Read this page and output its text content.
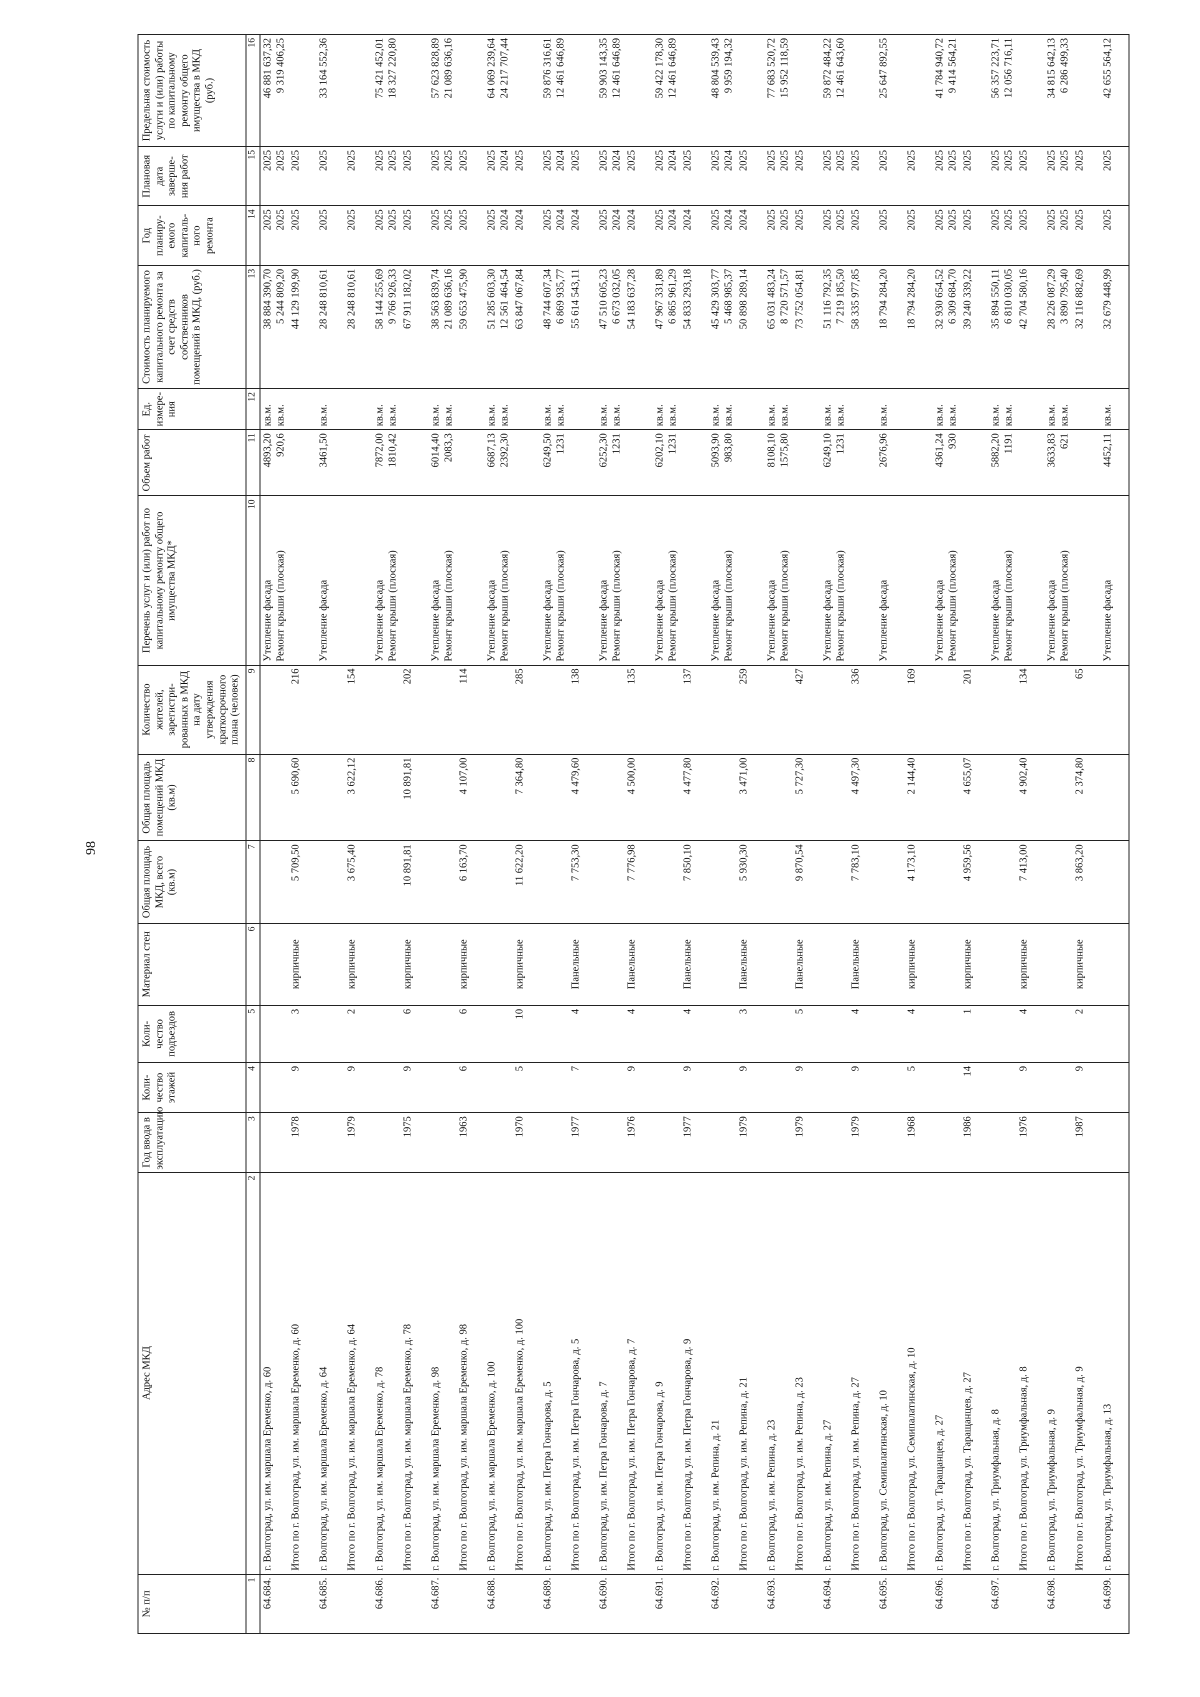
98
№ п/п	Адрес МКД	Год ввода в эксплуатацию	Коли-чество этажей	Коли-чество подъездов	Материал стен	Общая площадь МКД, всего (кв.м)	Общая площадь помещений МКД (кв.м)	Количество жителей, зарегистри-рованных в МКД на дату утверждения краткосрочного плана (человек)	Перечень услуг и (или) работ по капитальному ремонту общего имущества МКД*	Объем работ	Ед. измере-ния	Стоимость планируемого капитального ремонта за счет средств собственников помещений в МКД, (руб.)	Год планиру-емого капиталь-ного ремонта	Плановая дата заверше-ния работ	Предельная стоимость услуги и (или) работы по капитальному ремонту общего имущества в МКД (руб.)
1	2	3	4	5	6	7	8	9	10	11	12	13	14	15	16
64.684.	г. Волгоград, ул. им. маршала Еременко, д. 60								Утепление фасада Ремонт крыши (плоская)	4893,20 920,6	кв.м. кв.м.	38 884 390,70 5 244 809,20	2025 2025	2025 2025	46 881 637,32 9 319 406,25
	Итого по г. Волгоград, ул. им. маршала Еременко, д. 60	1978	9	3	кирпичные	5 709,50	5 690,60	216				44 129 199,90	2025	2025	
64.685.	г. Волгоград, ул. им. маршала Еременко, д. 64								Утепление фасада	3461,50	кв.м.	28 248 810,61	2025	2025	33 164 552,36
	Итого по г. Волгоград, ул. им. маршала Еременко, д. 64	1979	9	2	кирпичные	3 675,40	3 622,12	154				28 248 810,61	2025	2025	
64.686.	г. Волгоград, ул. им. маршала Еременко, д. 78								Утепление фасада Ремонт крыши (плоская)	7872,00 1810,42	кв.м. кв.м.	58 144 255,69 9 766 926,33	2025 2025	2025 2025	75 421 452,01 18 327 220,80
	Итого по г. Волгоград, ул. им. маршала Еременко, д. 78	1975	9	6	кирпичные	10 891,81	10 891,81	202				67 911 182,02	2025	2025	
64.687.	г. Волгоград, ул. им. маршала Еременко, д. 98								Утепление фасада Ремонт крыши (плоская)	6014,40 2083,3	кв.м. кв.м.	38 563 839,74 21 089 636,16	2025 2025	2025 2025	57 623 828,89 21 089 636,16
	Итого по г. Волгоград, ул. им. маршала Еременко, д. 98	1963	6	6	кирпичные	6 163,70	4 107,00	114				59 653 475,90	2025	2025	
64.688.	г. Волгоград, ул. им. маршала Еременко, д. 100								Утепление фасада Ремонт крыши (плоская)	6687,13 2392,30	кв.м. кв.м.	51 285 603,30 12 561 464,54	2025 2024	2025 2024	64 069 239,64 24 217 707,44
	Итого по г. Волгоград, ул. им. маршала Еременко, д. 100	1970	5	10	кирпичные	11 622,20	7 364,80	285				63 847 067,84	2024	2025	
64.689.	г. Волгоград, ул. им. Петра Гончарова, д. 5								Утепление фасада Ремонт крыши (плоская)	6249,50 1231	кв.м. кв.м.	48 744 607,34 6 869 935,77	2025 2024	2025 2024	59 876 316,61 12 461 646,89
	Итого по г. Волгоград, ул. им. Петра Гончарова, д. 5	1977	7	4	Панельные	7 753,30	4 479,60	138				55 614 543,11	2024	2025	
64.690.	г. Волгоград, ул. им. Петра Гончарова, д. 7								Утепление фасада Ремонт крыши (плоская)	6252,30 1231	кв.м. кв.м.	47 510 605,23 6 673 032,05	2025 2024	2025 2024	59 903 143,35 12 461 646,89
	Итого по г. Волгоград, ул. им. Петра Гончарова, д. 7	1976	9	4	Панельные	7 776,98	4 500,00	135				54 183 637,28	2024	2025	
64.691.	г. Волгоград, ул. им. Петра Гончарова, д. 9								Утепление фасада Ремонт крыши (плоская)	6202,10 1231	кв.м. кв.м.	47 967 331,89 6 865 961,29	2025 2024	2025 2024	59 422 178,30 12 461 646,89
	Итого по г. Волгоград, ул. им. Петра Гончарова, д. 9	1977	9	4	Панельные	7 850,10	4 477,80	137				54 833 293,18	2024	2025	
64.692.	г. Волгоград, ул. им. Репина, д. 21								Утепление фасада Ремонт крыши (плоская)	5093,90 983,80	кв.м. кв.м.	45 429 303,77 5 468 985,37	2025 2024	2025 2024	48 804 539,43 9 959 194,32
	Итого по г. Волгоград, ул. им. Репина, д. 21	1979	9	3	Панельные	5 930,30	3 471,00	259				50 898 289,14	2024	2025	
64.693.	г. Волгоград, ул. им. Репина, д. 23								Утепление фасада Ремонт крыши (плоская)	8108,10 1575,80	кв.м. кв.м.	65 031 483,24 8 720 571,57	2025 2025	2025 2025	77 683 520,72 15 952 118,59
	Итого по г. Волгоград, ул. им. Репина, д. 23	1979	9	5	Панельные	9 870,54	5 727,30	427				73 752 054,81	2025	2025	
64.694.	г. Волгоград, ул. им. Репина, д. 27								Утепление фасада Ремонт крыши (плоская)	6249,10 1231	кв.м. кв.м.	51 116 792,35 7 219 185,50	2025 2025	2025 2025	59 872 484,22 12 461 643,60
	Итого по г. Волгоград, ул. им. Репина, д. 27	1979	9	4	Панельные	7 783,10	4 497,30	336				58 335 977,85	2025	2025	
64.695.	г. Волгоград, ул. Семипалатинская, д. 10								Утепление фасада	2676,96	кв.м.	18 794 284,20	2025	2025	25 647 892,55
	Итого по г. Волгоград, ул. Семипалатинская, д. 10	1968	5	4	кирпичные	4 173,10	2 144,40	169				18 794 284,20	2025	2025	
64.696.	г. Волгоград, ул. Таращанцев, д. 27								Утепление фасада Ремонт крыши (плоская)	4361,24 930	кв.м. кв.м.	32 930 654,52 6 309 684,70	2025 2025	2025 2025	41 784 940,72 9 414 564,21
	Итого по г. Волгоград, ул. Таращанцев, д. 27	1986	14	1	кирпичные	4 959,56	4 655,07	201				39 240 339,22	2025	2025	
64.697.	г. Волгоград, ул. Триумфальная, д. 8								Утепление фасада Ремонт крыши (плоская)	5882,20 1191	кв.м. кв.м.	35 894 550,11 6 810 030,05	2025 2025	2025 2025	56 357 223,71 12 056 716,11
	Итого по г. Волгоград, ул. Триумфальная, д. 8	1976	9	4	кирпичные	7 413,00	4 902,40	134				42 704 580,16	2025	2025	
64.698.	г. Волгоград, ул. Триумфальная, д. 9								Утепление фасада Ремонт крыши (плоская)	3633,83 621	кв.м. кв.м.	28 226 087,29 3 890 795,40	2025 2025	2025 2025	34 815 642,13 6 286 499,33
	Итого по г. Волгоград, ул. Триумфальная, д. 9	1987	9	2	кирпичные	3 863,20	2 374,80	65				32 116 882,69	2025	2025	
64.699.	г. Волгоград, ул. Триумфальная, д. 13								Утепление фасада	4452,11	кв.м.	32 679 448,99	2025	2025	42 655 564,12
